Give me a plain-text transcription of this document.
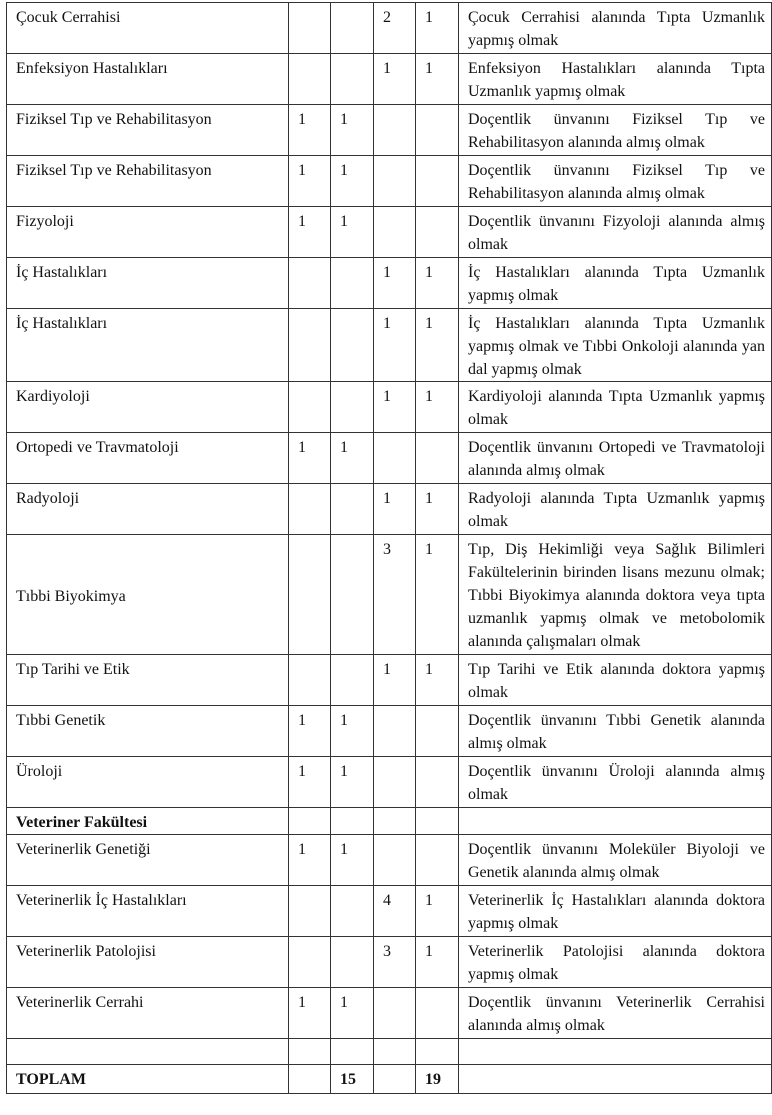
Çocuk Cerrahisi			2	1	Çocuk Cerrahisi alanında Tıpta Uzmanlık yapmış olmak
Enfeksiyon Hastalıkları			1	1	Enfeksiyon Hastalıkları alanında Tıpta Uzmanlık yapmış olmak
Fiziksel Tıp ve Rehabilitasyon	1	1			Doçentlik ünvanını Fiziksel Tıp ve Rehabilitasyon alanında almış olmak
Fiziksel Tıp ve Rehabilitasyon	1	1			Doçentlik ünvanını Fiziksel Tıp ve Rehabilitasyon alanında almış olmak
Fizyoloji	1	1			Doçentlik ünvanını Fizyoloji alanında almış olmak
İç Hastalıkları			1	1	İç Hastalıkları alanında Tıpta Uzmanlık yapmış olmak
İç Hastalıkları			1	1	İç Hastalıkları alanında Tıpta Uzmanlık yapmış olmak ve Tıbbi Onkoloji alanında yan dal yapmış olmak
Kardiyoloji			1	1	Kardiyoloji alanında Tıpta Uzmanlık yapmış olmak
Ortopedi ve Travmatoloji	1	1			Doçentlik ünvanını Ortopedi ve Travmatoloji alanında almış olmak
Radyoloji			1	1	Radyoloji alanında Tıpta Uzmanlık yapmış olmak
Tıbbi Biyokimya			3	1	Tıp, Diş Hekimliği veya Sağlık Bilimleri Fakültelerinin birinden lisans mezunu olmak; Tıbbi Biyokimya alanında doktora veya tıpta uzmanlık yapmış olmak ve metobolomik alanında çalışmaları olmak
Tıp Tarihi ve Etik			1	1	Tıp Tarihi ve Etik alanında doktora yapmış olmak
Tıbbi Genetik	1	1			Doçentlik ünvanını Tıbbi Genetik alanında almış olmak
Üroloji	1	1			Doçentlik ünvanını Üroloji alanında almış olmak
Veteriner Fakültesi					
Veterinerlik Genetiği	1	1			Doçentlik ünvanını Moleküler Biyoloji ve Genetik alanında almış olmak
Veterinerlik İç Hastalıkları			4	1	Veterinerlik İç Hastalıkları alanında doktora yapmış olmak
Veterinerlik Patolojisi			3	1	Veterinerlik Patolojisi alanında doktora yapmış olmak
Veterinerlik Cerrahi	1	1			Doçentlik ünvanını Veterinerlik Cerrahisi alanında almış olmak

TOPLAM		15		19	
